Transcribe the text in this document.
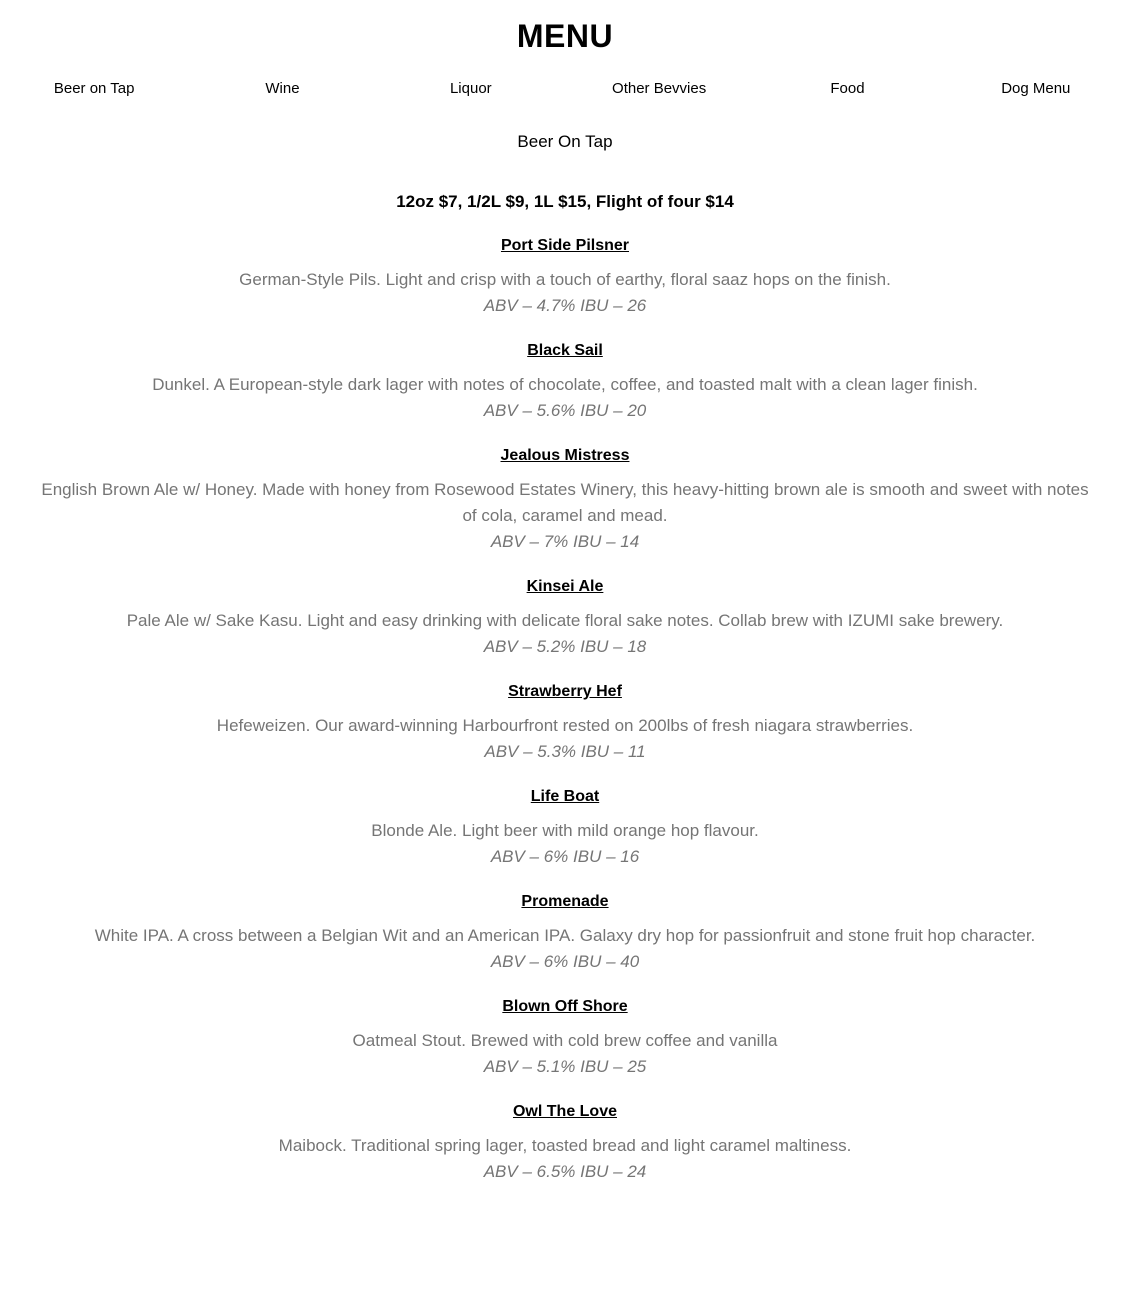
MENU
Beer on Tap	Wine	Liquor	Other Bevvies	Food	Dog Menu
Beer On Tap
12oz $7, 1/2L $9, 1L $15, Flight of four $14
Port Side Pilsner
German-Style Pils. Light and crisp with a touch of earthy, floral saaz hops on the finish.
ABV – 4.7% IBU – 26
Black Sail
Dunkel. A European-style dark lager with notes of chocolate, coffee, and toasted malt with a clean lager finish.
ABV – 5.6% IBU – 20
Jealous Mistress
English Brown Ale w/ Honey. Made with honey from Rosewood Estates Winery, this heavy-hitting brown ale is smooth and sweet with notes of cola, caramel and mead.
ABV – 7% IBU – 14
Kinsei Ale
Pale Ale w/ Sake Kasu. Light and easy drinking with delicate floral sake notes. Collab brew with IZUMI sake brewery.
ABV – 5.2% IBU – 18
Strawberry Hef
Hefeweizen. Our award-winning Harbourfront rested on 200lbs of fresh niagara strawberries.
ABV – 5.3% IBU – 11
Life Boat
Blonde Ale. Light beer with mild orange hop flavour.
ABV – 6% IBU – 16
Promenade
White IPA. A cross between a Belgian Wit and an American IPA. Galaxy dry hop for passionfruit and stone fruit hop character.
ABV – 6% IBU – 40
Blown Off Shore
Oatmeal Stout. Brewed with cold brew coffee and vanilla
ABV – 5.1% IBU – 25
Owl The Love
Maibock. Traditional spring lager, toasted bread and light caramel maltiness.
ABV – 6.5% IBU – 24
